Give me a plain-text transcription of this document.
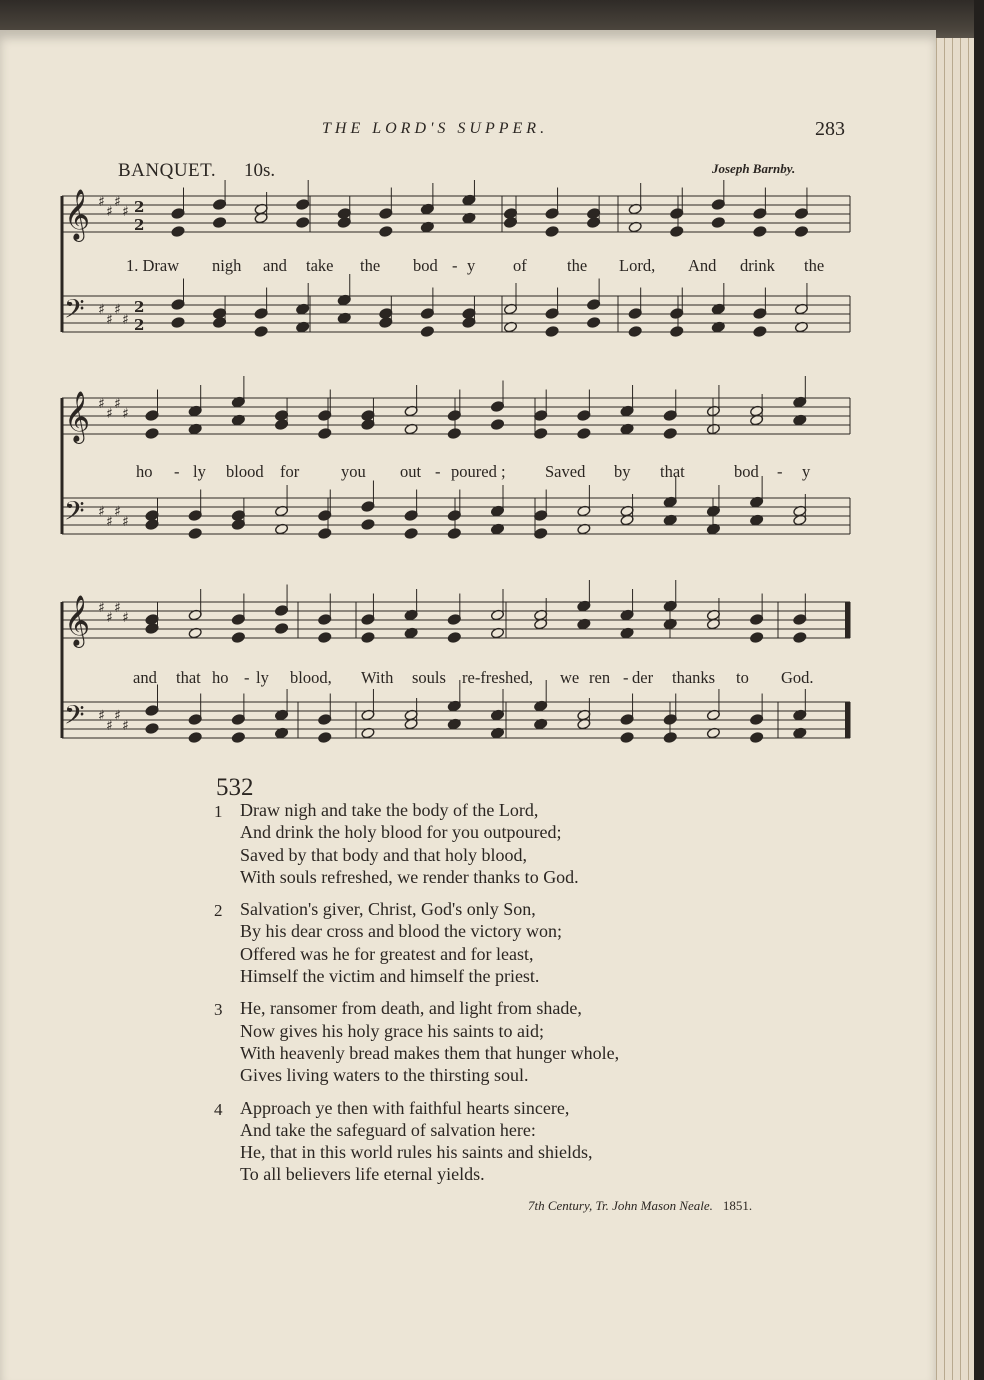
THE LORD'S SUPPER.	283
BANQUET. 10s.	Joseph Barnby.
𝄞 ♯
♯
♯
♯
𝄢 ♯
♯
♯
♯
𝄞 ♯
♯
♯
♯
𝄢 ♯
♯
♯
♯
𝄞 ♯
♯
♯
♯
𝄢 ♯
♯
♯
♯
2
2
2
2
1. Draw nigh and take the bod - y of the Lord, And drink the
ho - ly blood for	you out - poured ; Saved by that	bod - y
and that ho - ly blood, With souls re-freshed, we ren - der thanks to God.
532
1 Draw nigh and take the body of the Lord,
And drink the holy blood for you outpoured;
Saved by that body and that holy blood,
With souls refreshed, we render thanks to God.
2 Salvation's giver, Christ, God's only Son,
By his dear cross and blood the victory won;
Offered was he for greatest and for least,
Himself the victim and himself the priest.
3 He, ransomer from death, and light from shade,
Now gives his holy grace his saints to aid;
With heavenly bread makes them that hunger whole,
Gives living waters to the thirsting soul.
4 Approach ye then with faithful hearts sincere,
And take the safeguard of salvation here:
He, that in this world rules his saints and shields,
To all believers life eternal yields.
7th Century, Tr. John Mason Neale. 1851.
